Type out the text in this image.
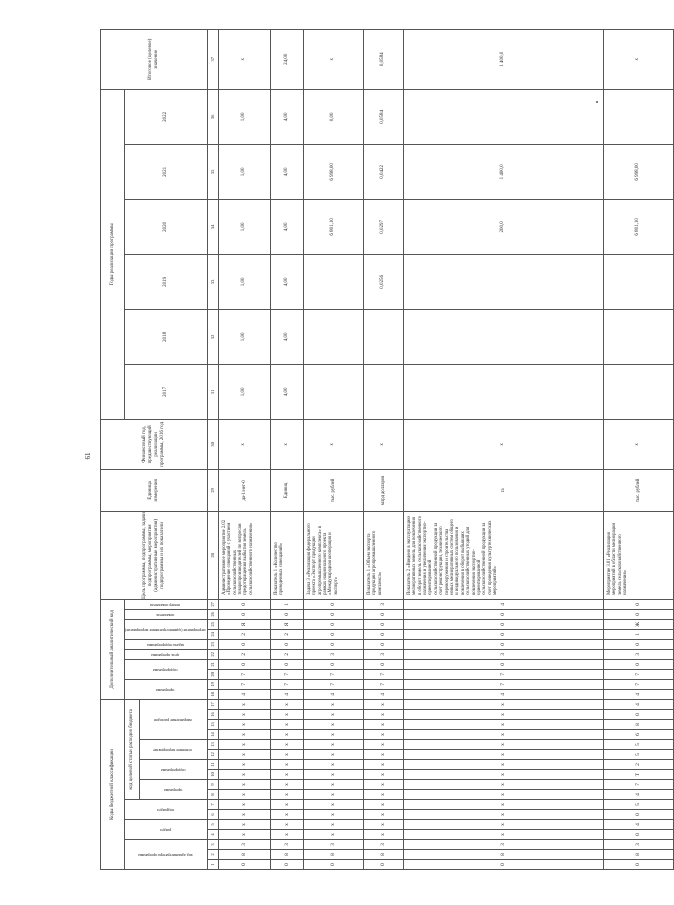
61
Коды бюджетной классификации																	Дополнительный аналитический код										Цель программы, подпрограммы, задачи подпрограммы, мероприятия (административные мероприятия) подпрограммы и их показатели	Единица измерения	Финансовый год, предшествующий реализации программы, 2016 год	Годы реализации программы						Итоговое (целевое) значение
код администратора программы			раздел		подраздел		код целевой статьи расходов бюджета										программа		подпрограмма		цель программы	задача подпрограммы	мероприятие (административное мероприятие)		показатель	номер показателя				2017	2018	2019	2020	2021	2022	
							программа		подпрограмма		основное мероприятие		направление расходов																							
1	2	3	4	5	6	7	8	9	10	11	12	13	14	15	16	17	18	19	20	21	22	23	24	25	26	27	28	29	30	31	32	33	34	35	36	37
0	8	3	x	x	x	x	x	x	x	x	x	x	x	x	x	x	4	7	7	0	2	0	2	Я	0	0	Административное мероприятие 2.02 «Проведение совещаний с участием сельскохозяйственных товаропроизводителей по вопросам предотвращения выбытия земель сельскохозяйственного назначения»	да-1/нет-0	x	1,00	1,00	1,00	1,00	1,00	1,00	x
0	8	3	x	x	x	x	x	x	x	x	x	x	x	x	x	x	4	7	7	0	2	0	2	Я	0	1	Показатель 1 «Количество проведенных совещаний»	Единиц	x	4,00	4,00	4,00	4,00	4,00	4,00	24,00
0	8	3	x	x	x	x	x	x	x	x	x	x	x	x	x	x	4	7	7	0	3	0	0	0	0	0	Задача 3 «Реализация федерального проекта «Экспорт продукции агропромышленного комплекса» в рамках национального проекта «Международная кооперация и экспорт»	тыс. рублей	x				6 801,10	6 998,00	0,00	x
0	8	3	x	x	x	x	x	x	x	x	x	x	x	x	x	x	4	7	7	0	3	0	0	0	0	3	Показатель 1 «Объем экспорта продукции агропромышленного комплекса»	млрд долларов	x			0,0256	0,0297	0,0422	0,0584	0,0584
0	8	3	x	x	x	x	x	x	x	x	x	x	x	x	x	x	4	7	7	0	3	0	0	0	0	4	Показатель 2 «Введено в эксплуатацию мелиоративных земель для вовлечения в оборот земель сельскохозяйственного назначения и увеличения экспортно-ориентированной сельскохозяйственной продукции за счет реконструкции, технического перевооружения и строительства новых мелиоративных систем общего и индивидуального пользования и вовлечения в оборот выбывших сельскохозяйственных угодий для вовлечения экспортно-ориентированной сельскохозяйственной продукции за счет проведения культуртехнических мероприятий»	га	x				200,0	1 400,0		1 400,0
0	8	3	0	4	0	5	4	7	Т	2	5	5	6	8	0	4	4	7	7	0	3	0	1	Ж	0	0	Мероприятие 3.01 «Реализация мероприятий в области мелиорации земель сельскохозяйственного назначения»	тыс. рублей	x				6 801,10	6 998,00		x
